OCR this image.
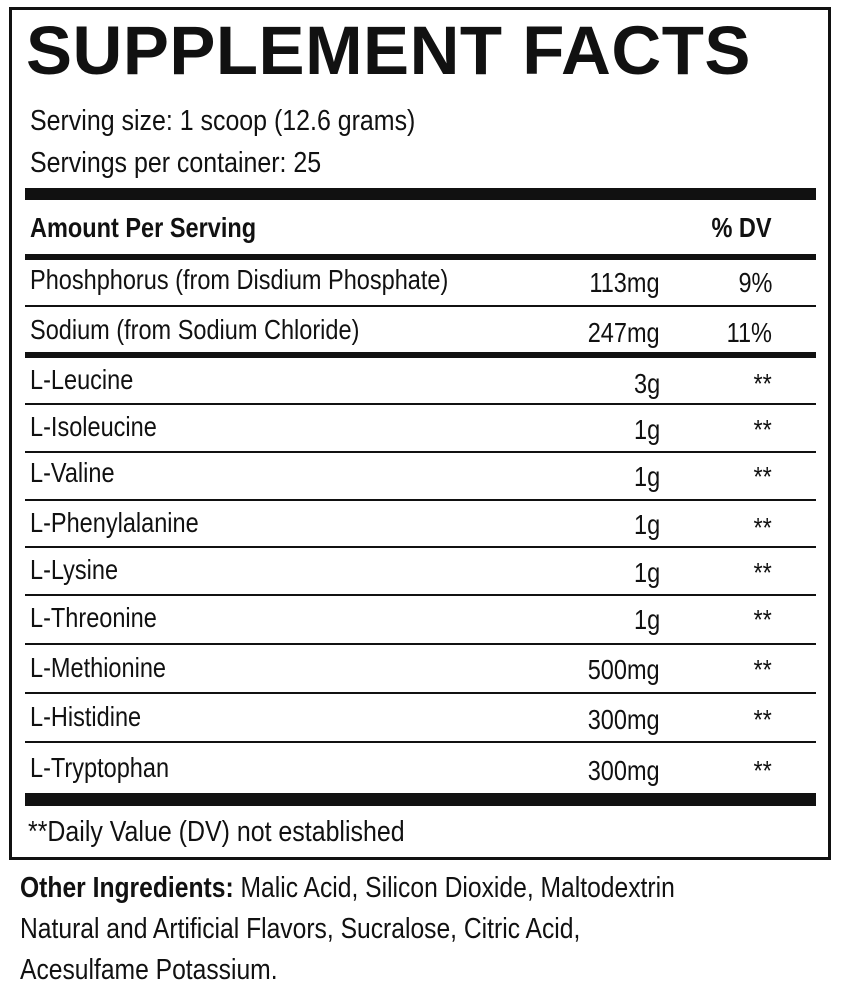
SUPPLEMENT FACTS
Serving size: 1 scoop (12.6 grams)
Servings per container: 25
Amount Per Serving	% DV
Phoshphorus (from Disdium Phosphate)	113mg	9%
Sodium (from Sodium Chloride)	247mg 11%
L-Leucine	3g	**
L-Isoleucine	1g	**
L-Valine	1g	**
L-Phenylalanine	1g	**
L-Lysine	1g	**
L-Threonine	1g	**
L-Methionine	500mg	**
L-Histidine	300mg	**
L-Tryptophan	300mg	**
**Daily Value (DV) not established
Other Ingredients: Malic Acid, Silicon Dioxide, Maltodextrin
Natural and Artificial Flavors, Sucralose, Citric Acid,
Acesulfame Potassium.
